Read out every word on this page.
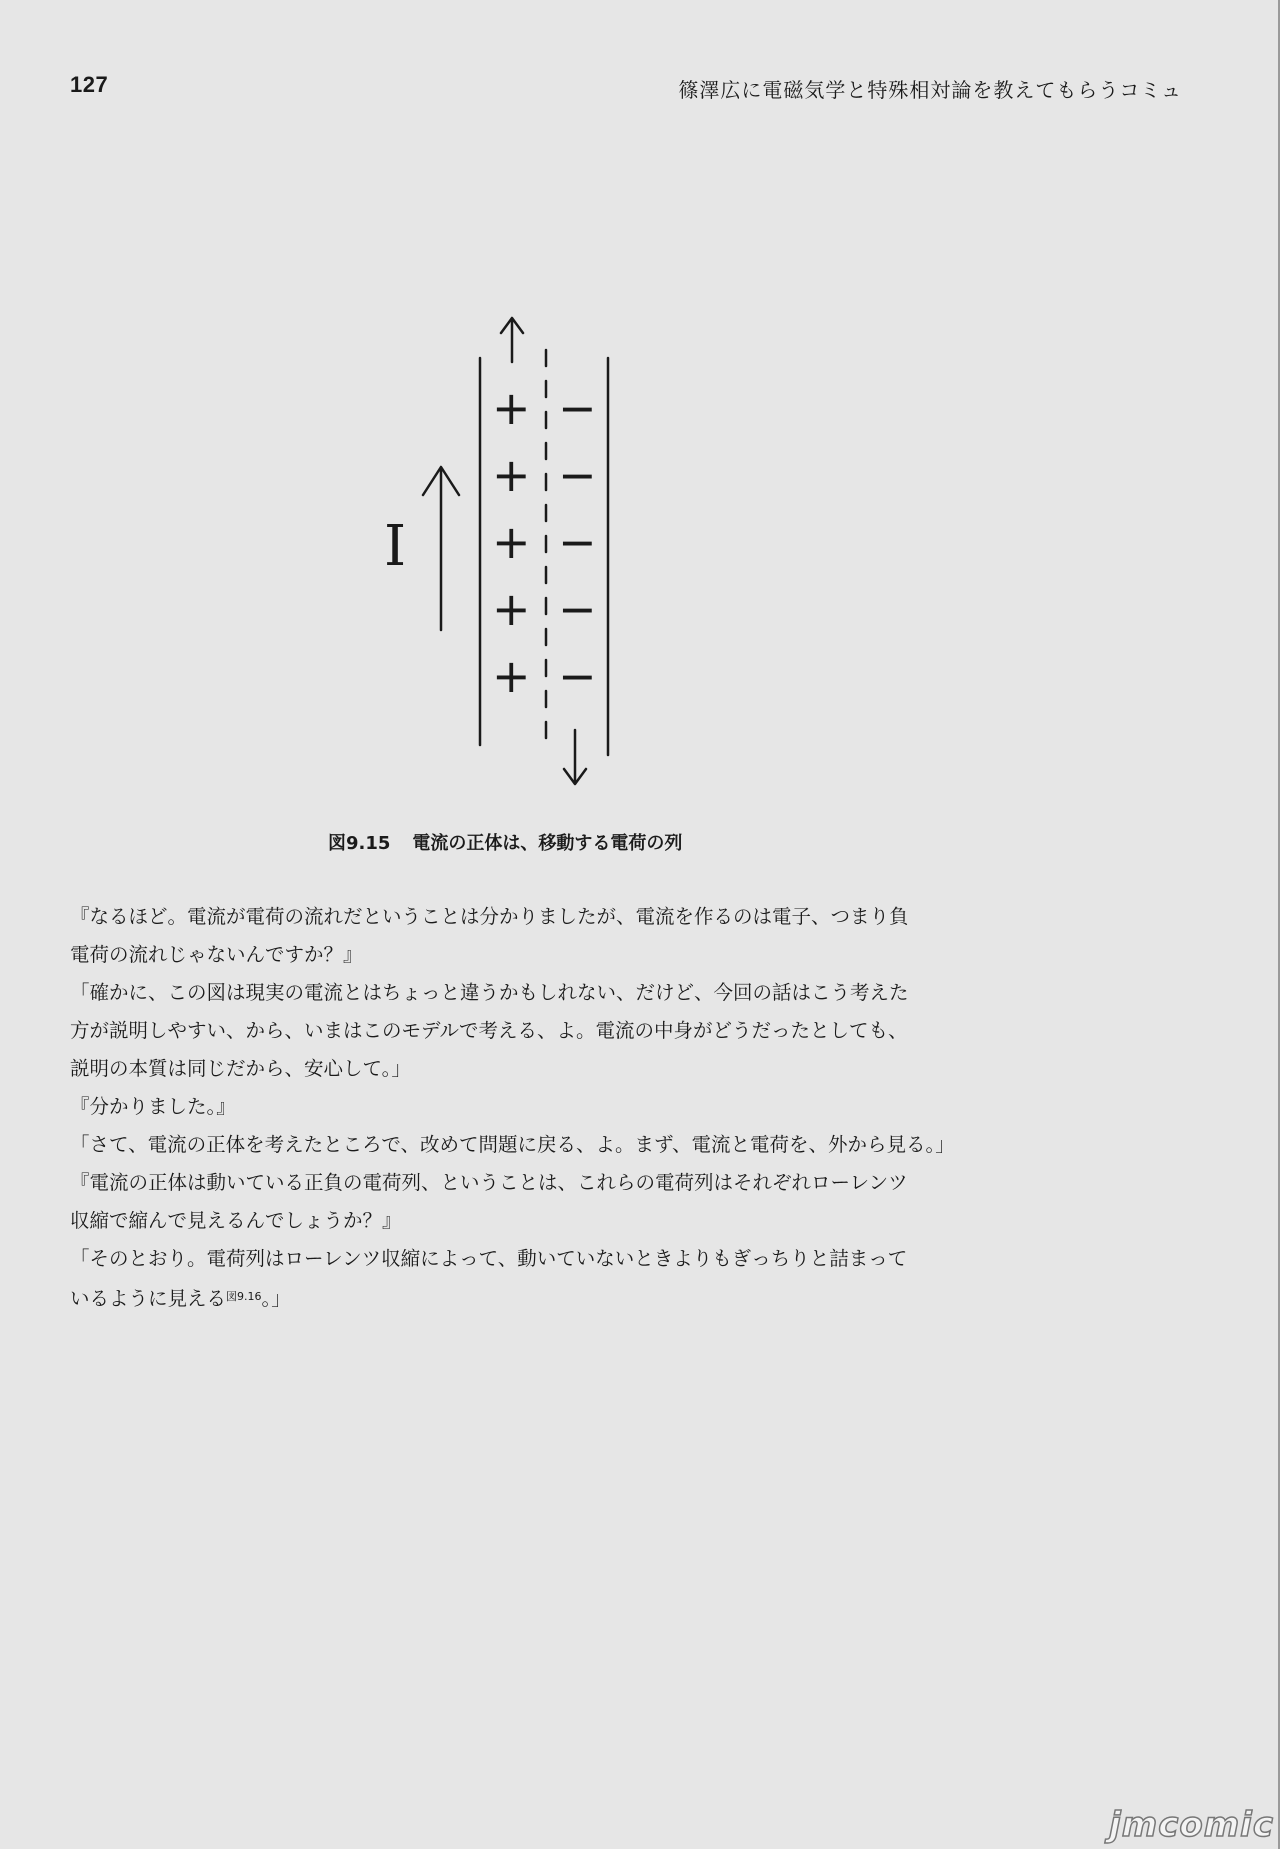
127	篠澤広に電磁気学と特殊相対論を教えてもらうコミュ
I
+
+
+
+
+
−
−
−
−
−
図9.15 電流の正体は、移動する電荷の列

『なるほど。電流が電荷の流れだということは分かりましたが、電流を作るのは電子、つまり負
電荷の流れじゃないんですか？』

「確かに、この図は現実の電流とはちょっと違うかもしれない、だけど、今回の話はこう考えた
方が説明しやすい、から、いまはこのモデルで考える、よ。電流の中身がどうだったとしても、
説明の本質は同じだから、安心して。」

『分かりました。』

「さて、電流の正体を考えたところで、改めて問題に戻る、よ。まず、電流と電荷を、外から見る。」

『電流の正体は動いている正負の電荷列、ということは、これらの電荷列はそれぞれローレンツ
収縮で縮んで見えるんでしょうか？』

「そのとおり。電荷列はローレンツ収縮によって、動いていないときよりもぎっちりと詰まって
いるように見える$^{図9.16}$。」

jmcomic
